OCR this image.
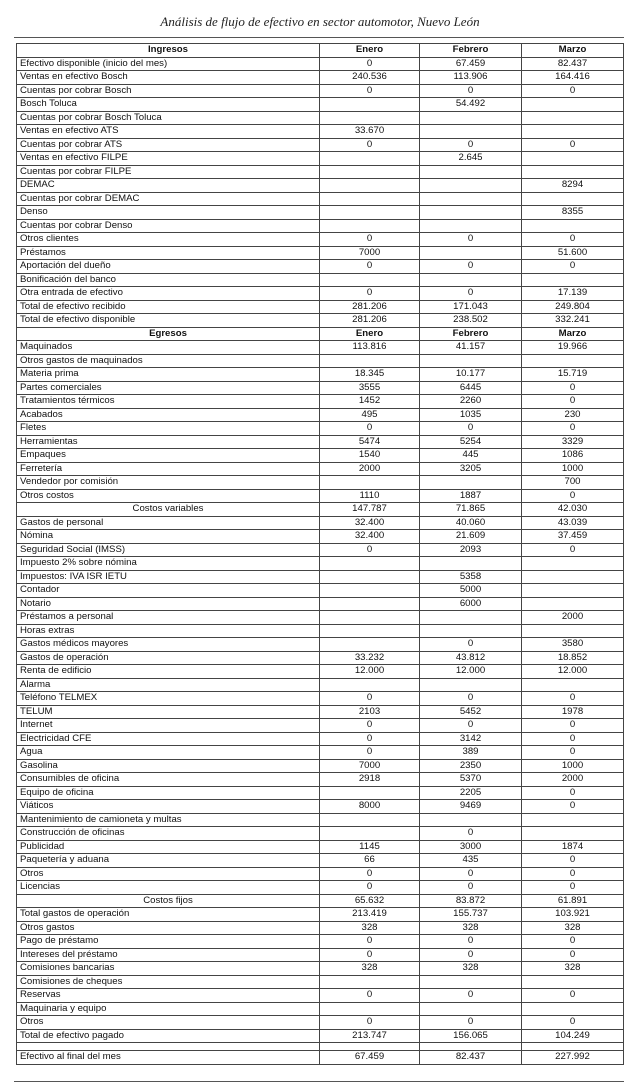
Análisis de flujo de efectivo en sector automotor, Nuevo León
Ingresos	Enero	Febrero	Marzo
Efectivo disponible (inicio del mes)	0	67.459	82.437
Ventas en efectivo Bosch	240.536	113.906	164.416
Cuentas por cobrar Bosch	0	0	0
Bosch Toluca		54.492	
Cuentas por cobrar Bosch Toluca			
Ventas en efectivo ATS	33.670		
Cuentas por cobrar ATS	0	0	0
Ventas en efectivo FILPE		2.645	
Cuentas por cobrar FILPE			
DEMAC			8294
Cuentas por cobrar DEMAC			
Denso			8355
Cuentas por cobrar Denso			
Otros clientes	0	0	0
Préstamos	7000		51.600
Aportación del dueño	0	0	0
Bonificación del banco			
Otra entrada de efectivo	0	0	17.139
Total de efectivo recibido	281.206	171.043	249.804
Total de efectivo disponible	281.206	238.502	332.241
Egresos	Enero	Febrero	Marzo
Maquinados	113.816	41.157	19.966
Otros gastos de maquinados			
Materia prima	18.345	10.177	15.719
Partes comerciales	3555	6445	0
Tratamientos térmicos	1452	2260	0
Acabados	495	1035	230
Fletes	0	0	0
Herramientas	5474	5254	3329
Empaques	1540	445	1086
Ferretería	2000	3205	1000
Vendedor por comisión			700
Otros costos	1110	1887	0
Costos variables	147.787	71.865	42.030
Gastos de personal	32.400	40.060	43.039
Nómina	32.400	21.609	37.459
Seguridad Social (IMSS)	0	2093	0
Impuesto 2% sobre nómina			
Impuestos: IVA ISR IETU		5358	
Contador		5000	
Notario		6000	
Préstamos a personal			2000
Horas extras			
Gastos médicos mayores		0	3580
Gastos de operación	33.232	43.812	18.852
Renta de edificio	12.000	12.000	12.000
Alarma			
Teléfono TELMEX	0	0	0
TELUM	2103	5452	1978
Internet	0	0	0
Electricidad CFE	0	3142	0
Agua	0	389	0
Gasolina	7000	2350	1000
Consumibles de oficina	2918	5370	2000
Equipo de oficina		2205	0
Viáticos	8000	9469	0
Mantenimiento de camioneta y multas			
Construcción de oficinas		0	
Publicidad	1145	3000	1874
Paquetería y aduana	66	435	0
Otros	0	0	0
Licencias	0	0	0
Costos fijos	65.632	83.872	61.891
Total gastos de operación	213.419	155.737	103.921
Otros gastos	328	328	328
Pago de préstamo	0	0	0
Intereses del préstamo	0	0	0
Comisiones bancarias	328	328	328
Comisiones de cheques			
Reservas	0	0	0
Maquinaria y equipo			
Otros	0	0	0
Total de efectivo pagado	213.747	156.065	104.249

Efectivo al final del mes	67.459	82.437	227.992
